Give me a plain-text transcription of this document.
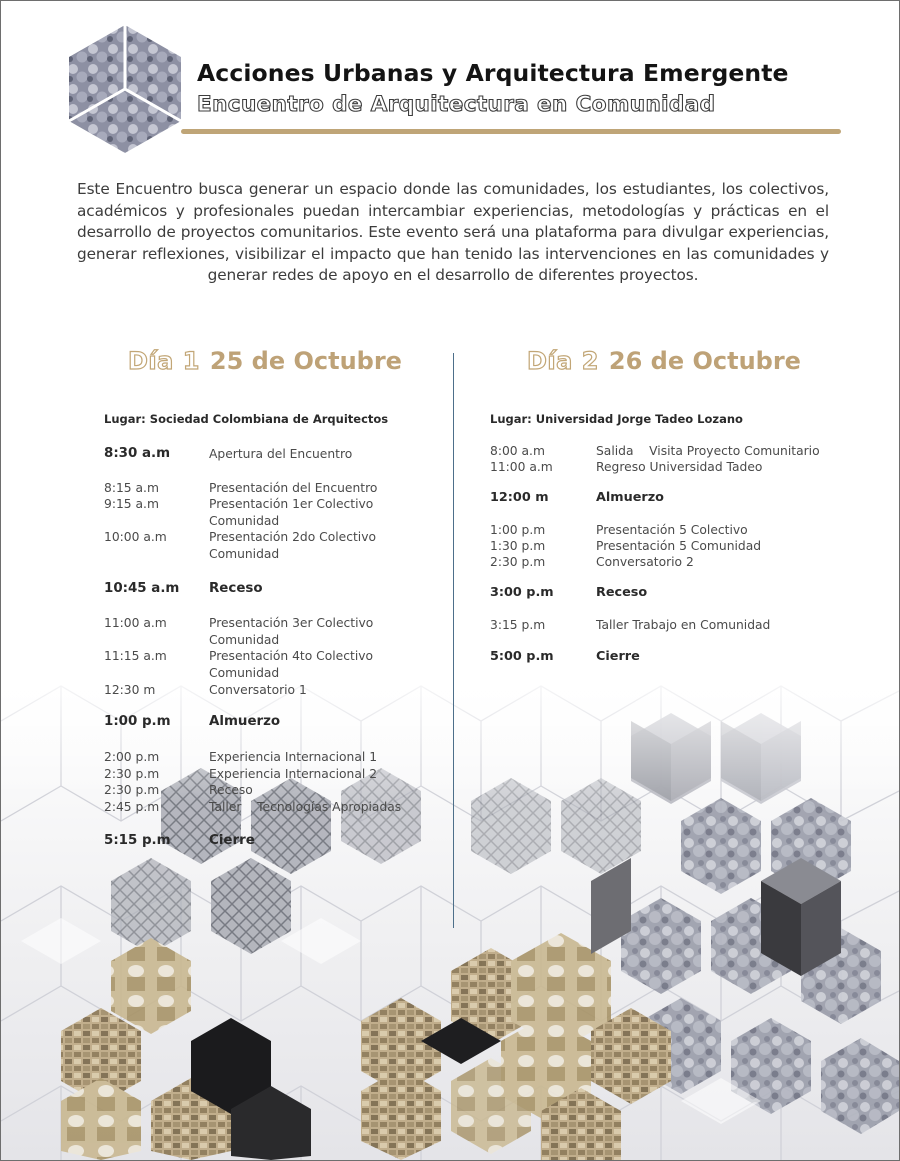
Acciones Urbanas y Arquitectura Emergente
Encuentro de Arquitectura en Comunidad

Este Encuentro busca generar un espacio donde las comunidades, los estudiantes, los colectivos, académicos y profesionales puedan intercambiar experiencias, metodologías y prácticas en el desarrollo de proyectos comunitarios. Este evento será una plataforma para divulgar experiencias, generar reflexiones, visibilizar el impacto que han tenido las intervenciones en las comunidades y generar redes de apoyo en el desarrollo de diferentes proyectos.

Día 1 25 de Octubre	Día 2 26 de Octubre

Lugar: Sociedad Colombiana de Arquitectos

8:30 a.m	Apertura del Encuentro
8:15 a.m	Presentación del Encuentro
9:15 a.m	Presentación 1er Colectivo Comunidad
10:00 a.m	Presentación 2do Colectivo Comunidad
10:45 a.m Receso
11:00 a.m	Presentación 3er Colectivo Comunidad
11:15 a.m	Presentación 4to Colectivo Comunidad
12:30 m	Conversatorio 1
1:00 p.m	Almuerzo
2:00 p.m	Experiencia Internacional 1
2:30 p.m	Experiencia Internacional 2
2:30 p.m	Receso
2:45 p.m	Taller    Tecnologías Apropiadas
5:15 p.m	Cierre

Lugar: Universidad Jorge Tadeo Lozano

8:00 a.m	Salida    Visita Proyecto Comunitario
11:00 a.m	Regreso Universidad Tadeo
12:00 m	Almuerzo
1:00 p.m	Presentación 5 Colectivo
1:30 p.m	Presentación 5 Comunidad
2:30 p.m	Conversatorio 2
3:00 p.m	Receso
3:15 p.m	Taller Trabajo en Comunidad
5:00 p.m	Cierre
